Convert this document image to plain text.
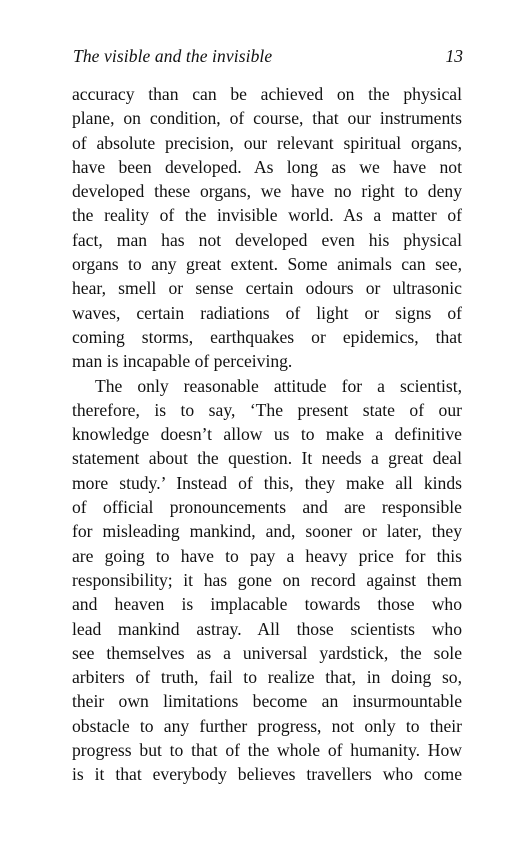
The visible and the invisible	13
accuracy than can be achieved on the physical
plane, on condition, of course, that our instruments
of absolute precision, our relevant spiritual organs,
have been developed. As long as we have not
developed these organs, we have no right to deny
the reality of the invisible world. As a matter of
fact, man has not developed even his physical
organs to any great extent. Some animals can see,
hear, smell or sense certain odours or ultrasonic
waves, certain radiations of light or signs of
coming storms, earthquakes or epidemics, that
man is incapable of perceiving.
The only reasonable attitude for a scientist,
therefore, is to say, ‘The present state of our
knowledge doesn’t allow us to make a definitive
statement about the question. It needs a great deal
more study.’ Instead of this, they make all kinds
of official pronouncements and are responsible
for misleading mankind, and, sooner or later, they
are going to have to pay a heavy price for this
responsibility; it has gone on record against them
and heaven is implacable towards those who
lead mankind astray. All those scientists who
see themselves as a universal yardstick, the sole
arbiters of truth, fail to realize that, in doing so,
their own limitations become an insurmountable
obstacle to any further progress, not only to their
progress but to that of the whole of humanity. How
is it that everybody believes travellers who come
